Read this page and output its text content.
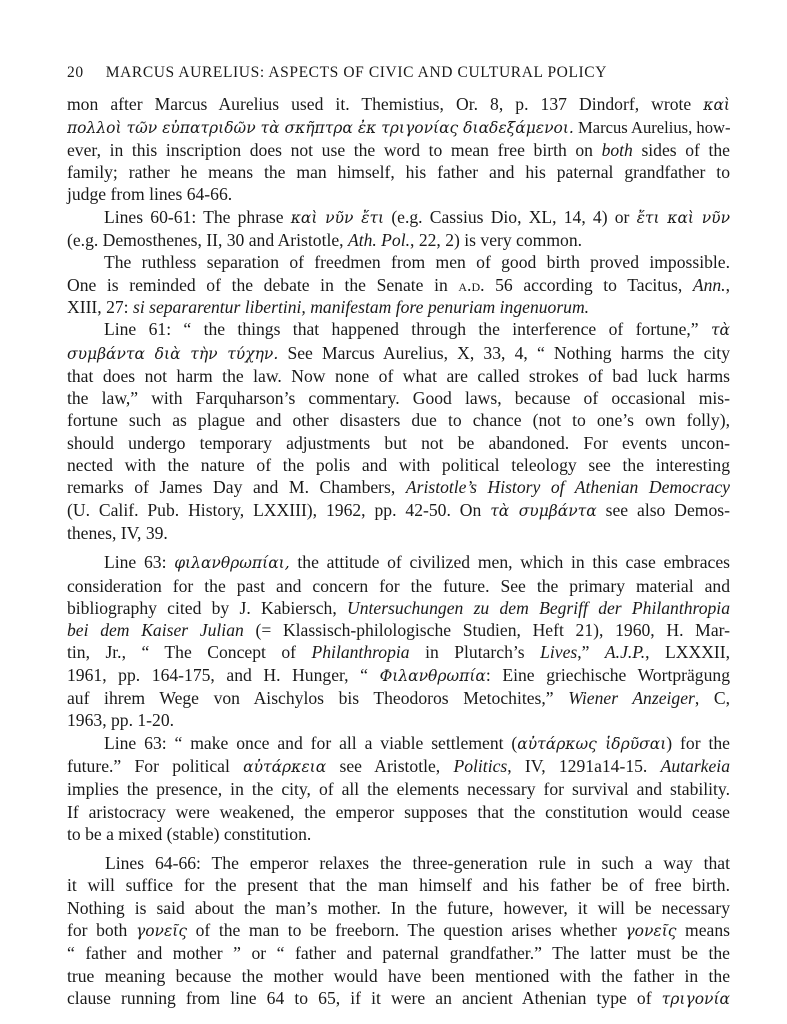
20 MARCUS AURELIUS: ASPECTS OF CIVIC AND CULTURAL POLICY
mon after Marcus Aurelius used it. Themistius, Or. 8, p. 137 Dindorf, wrote καὶ
πολλοὶ τῶν εὐπατριδῶν τὰ σκῆπτρα ἐκ τριγονίας διαδεξάμενοι. Marcus Aurelius, how-
ever, in this inscription does not use the word to mean free birth on both sides of the
family; rather he means the man himself, his father and his paternal grandfather to
judge from lines 64-66.
Lines 60-61: The phrase καὶ νῦν ἔτι (e.g. Cassius Dio, XL, 14, 4) or ἔτι καὶ νῦν
(e.g. Demosthenes, II, 30 and Aristotle, Ath. Pol., 22, 2) is very common.
The ruthless separation of freedmen from men of good birth proved impossible.
One is reminded of the debate in the Senate in a.d. 56 according to Tacitus, Ann.,
XIII, 27: si separarentur libertini, manifestam fore penuriam ingenuorum.
Line 61: “ the things that happened through the interference of fortune,” τὰ
συμβάντα διὰ τὴν τύχην. See Marcus Aurelius, X, 33, 4, “ Nothing harms the city
that does not harm the law. Now none of what are called strokes of bad luck harms
the law,” with Farquharson’s commentary. Good laws, because of occasional mis-
fortune such as plague and other disasters due to chance (not to one’s own folly),
should undergo temporary adjustments but not be abandoned. For events uncon-
nected with the nature of the polis and with political teleology see the interesting
remarks of James Day and M. Chambers, Aristotle’s History of Athenian Democracy
(U. Calif. Pub. History, LXXIII), 1962, pp. 42-50. On τὰ συμβάντα see also Demos-
thenes, IV, 39.
Line 63: φιλανθρωπίαι, the attitude of civilized men, which in this case embraces
consideration for the past and concern for the future. See the primary material and
bibliography cited by J. Kabiersch, Untersuchungen zu dem Begriff der Philanthropia
bei dem Kaiser Julian (= Klassisch-philologische Studien, Heft 21), 1960, H. Mar-
tin, Jr., “ The Concept of Philanthropia in Plutarch’s Lives,” A.J.P., LXXXII,
1961, pp. 164-175, and H. Hunger, “ Φιλανθρωπία: Eine griechische Wortprägung
auf ihrem Wege von Aischylos bis Theodoros Metochites,” Wiener Anzeiger, C,
1963, pp. 1-20.
Line 63: “ make once and for all a viable settlement (αὐτάρκως ἱδρῦσαι) for the
future.” For political αὐτάρκεια see Aristotle, Politics, IV, 1291a14-15. Autarkeia
implies the presence, in the city, of all the elements necessary for survival and stability.
If aristocracy were weakened, the emperor supposes that the constitution would cease
to be a mixed (stable) constitution.
Lines 64-66: The emperor relaxes the three-generation rule in such a way that
it will suffice for the present that the man himself and his father be of free birth.
Nothing is said about the man’s mother. In the future, however, it will be necessary
for both γονεῖς of the man to be freeborn. The question arises whether γονεῖς means
“ father and mother ” or “ father and paternal grandfather.” The latter must be the
true meaning because the mother would have been mentioned with the father in the
clause running from line 64 to 65, if it were an ancient Athenian type of τριγονία
